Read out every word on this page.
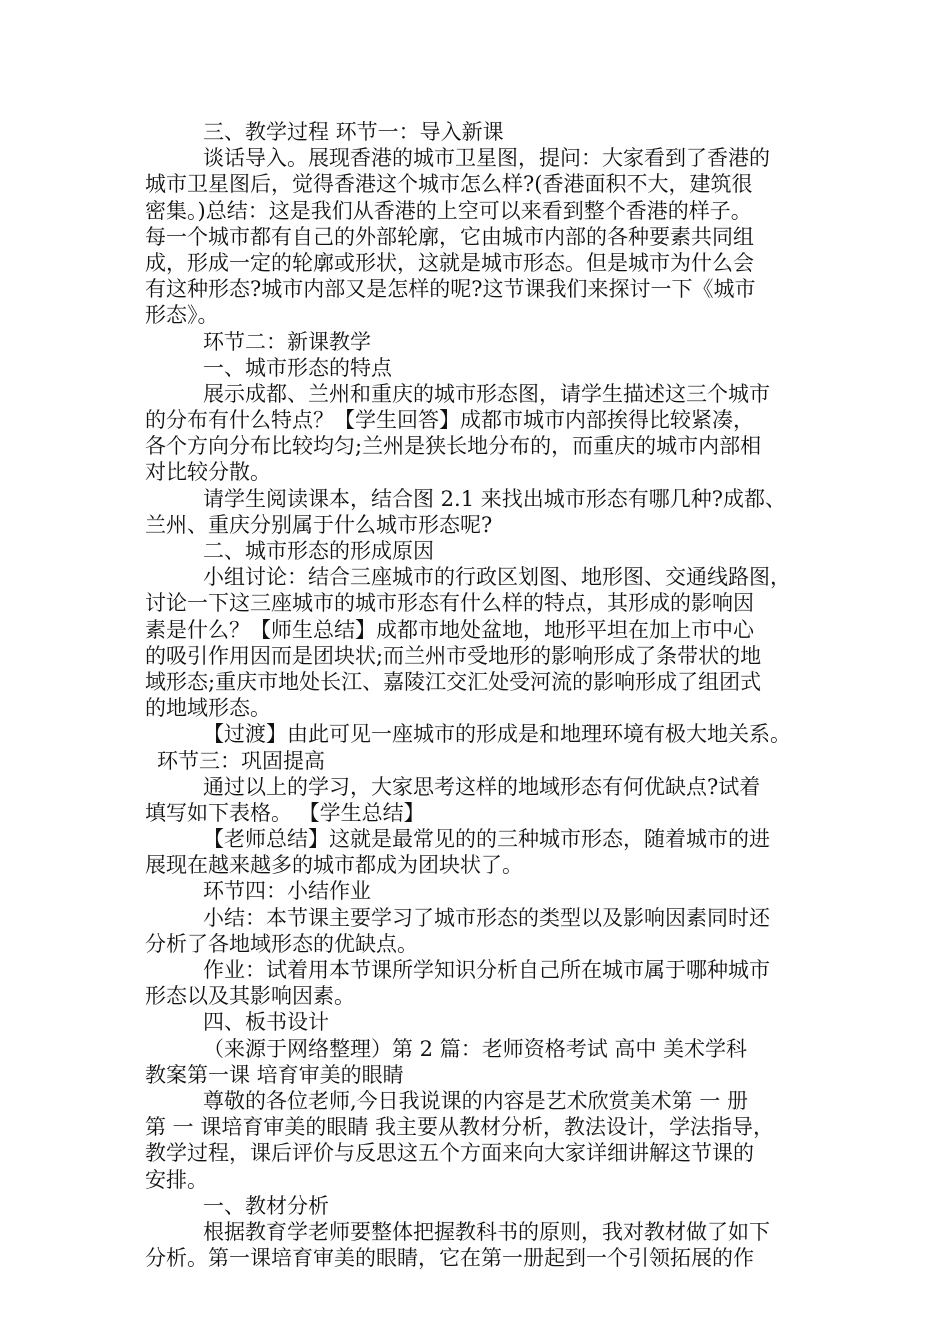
三、教学过程 环节一：导入新课
谈话导入。展现香港的城市卫星图，提问：大家看到了香港的
城市卫星图后，觉得香港这个城市怎么样?(香港面积不大，建筑很
密集。)总结：这是我们从香港的上空可以来看到整个香港的样子。
每一个城市都有自己的外部轮廓，它由城市内部的各种要素共同组
成，形成一定的轮廓或形状，这就是城市形态。但是城市为什么会
有这种形态?城市内部又是怎样的呢?这节课我们来探讨一下《城市
形态》。
环节二：新课教学
一、城市形态的特点
展示成都、兰州和重庆的城市形态图，请学生描述这三个城市
的分布有什么特点？【学生回答】成都市城市内部挨得比较紧凑，
各个方向分布比较均匀;兰州是狭长地分布的，而重庆的城市内部相
对比较分散。
请学生阅读课本，结合图 2.1 来找出城市形态有哪几种?成都、
兰州、重庆分别属于什么城市形态呢?
二、城市形态的形成原因
小组讨论：结合三座城市的行政区划图、地形图、交通线路图，
讨论一下这三座城市的城市形态有什么样的特点，其形成的影响因
素是什么？【师生总结】成都市地处盆地，地形平坦在加上市中心
的吸引作用因而是团块状;而兰州市受地形的影响形成了条带状的地
域形态;重庆市地处长江、嘉陵江交汇处受河流的影响形成了组团式
的地域形态。
【过渡】由此可见一座城市的形成是和地理环境有极大地关系。
环节三：巩固提高
通过以上的学习，大家思考这样的地域形态有何优缺点?试着
填写如下表格。 【学生总结】
【老师总结】这就是最常见的的三种城市形态，随着城市的进
展现在越来越多的城市都成为团块状了。
环节四：小结作业
小结：本节课主要学习了城市形态的类型以及影响因素同时还
分析了各地域形态的优缺点。
作业：试着用本节课所学知识分析自己所在城市属于哪种城市
形态以及其影响因素。
四、板书设计
（来源于网络整理）第 2 篇：老师资格考试 高中 美术学科
教案第一课 培育审美的眼睛
尊敬的各位老师,今日我说课的内容是艺术欣赏美术第 一 册
第 一 课培育审美的眼睛 我主要从教材分析，教法设计，学法指导，
教学过程，课后评价与反思这五个方面来向大家详细讲解这节课的
安排。
一、教材分析
根据教育学老师要整体把握教科书的原则，我对教材做了如下
分析。第一课培育审美的眼睛，它在第一册起到一个引领拓展的作
